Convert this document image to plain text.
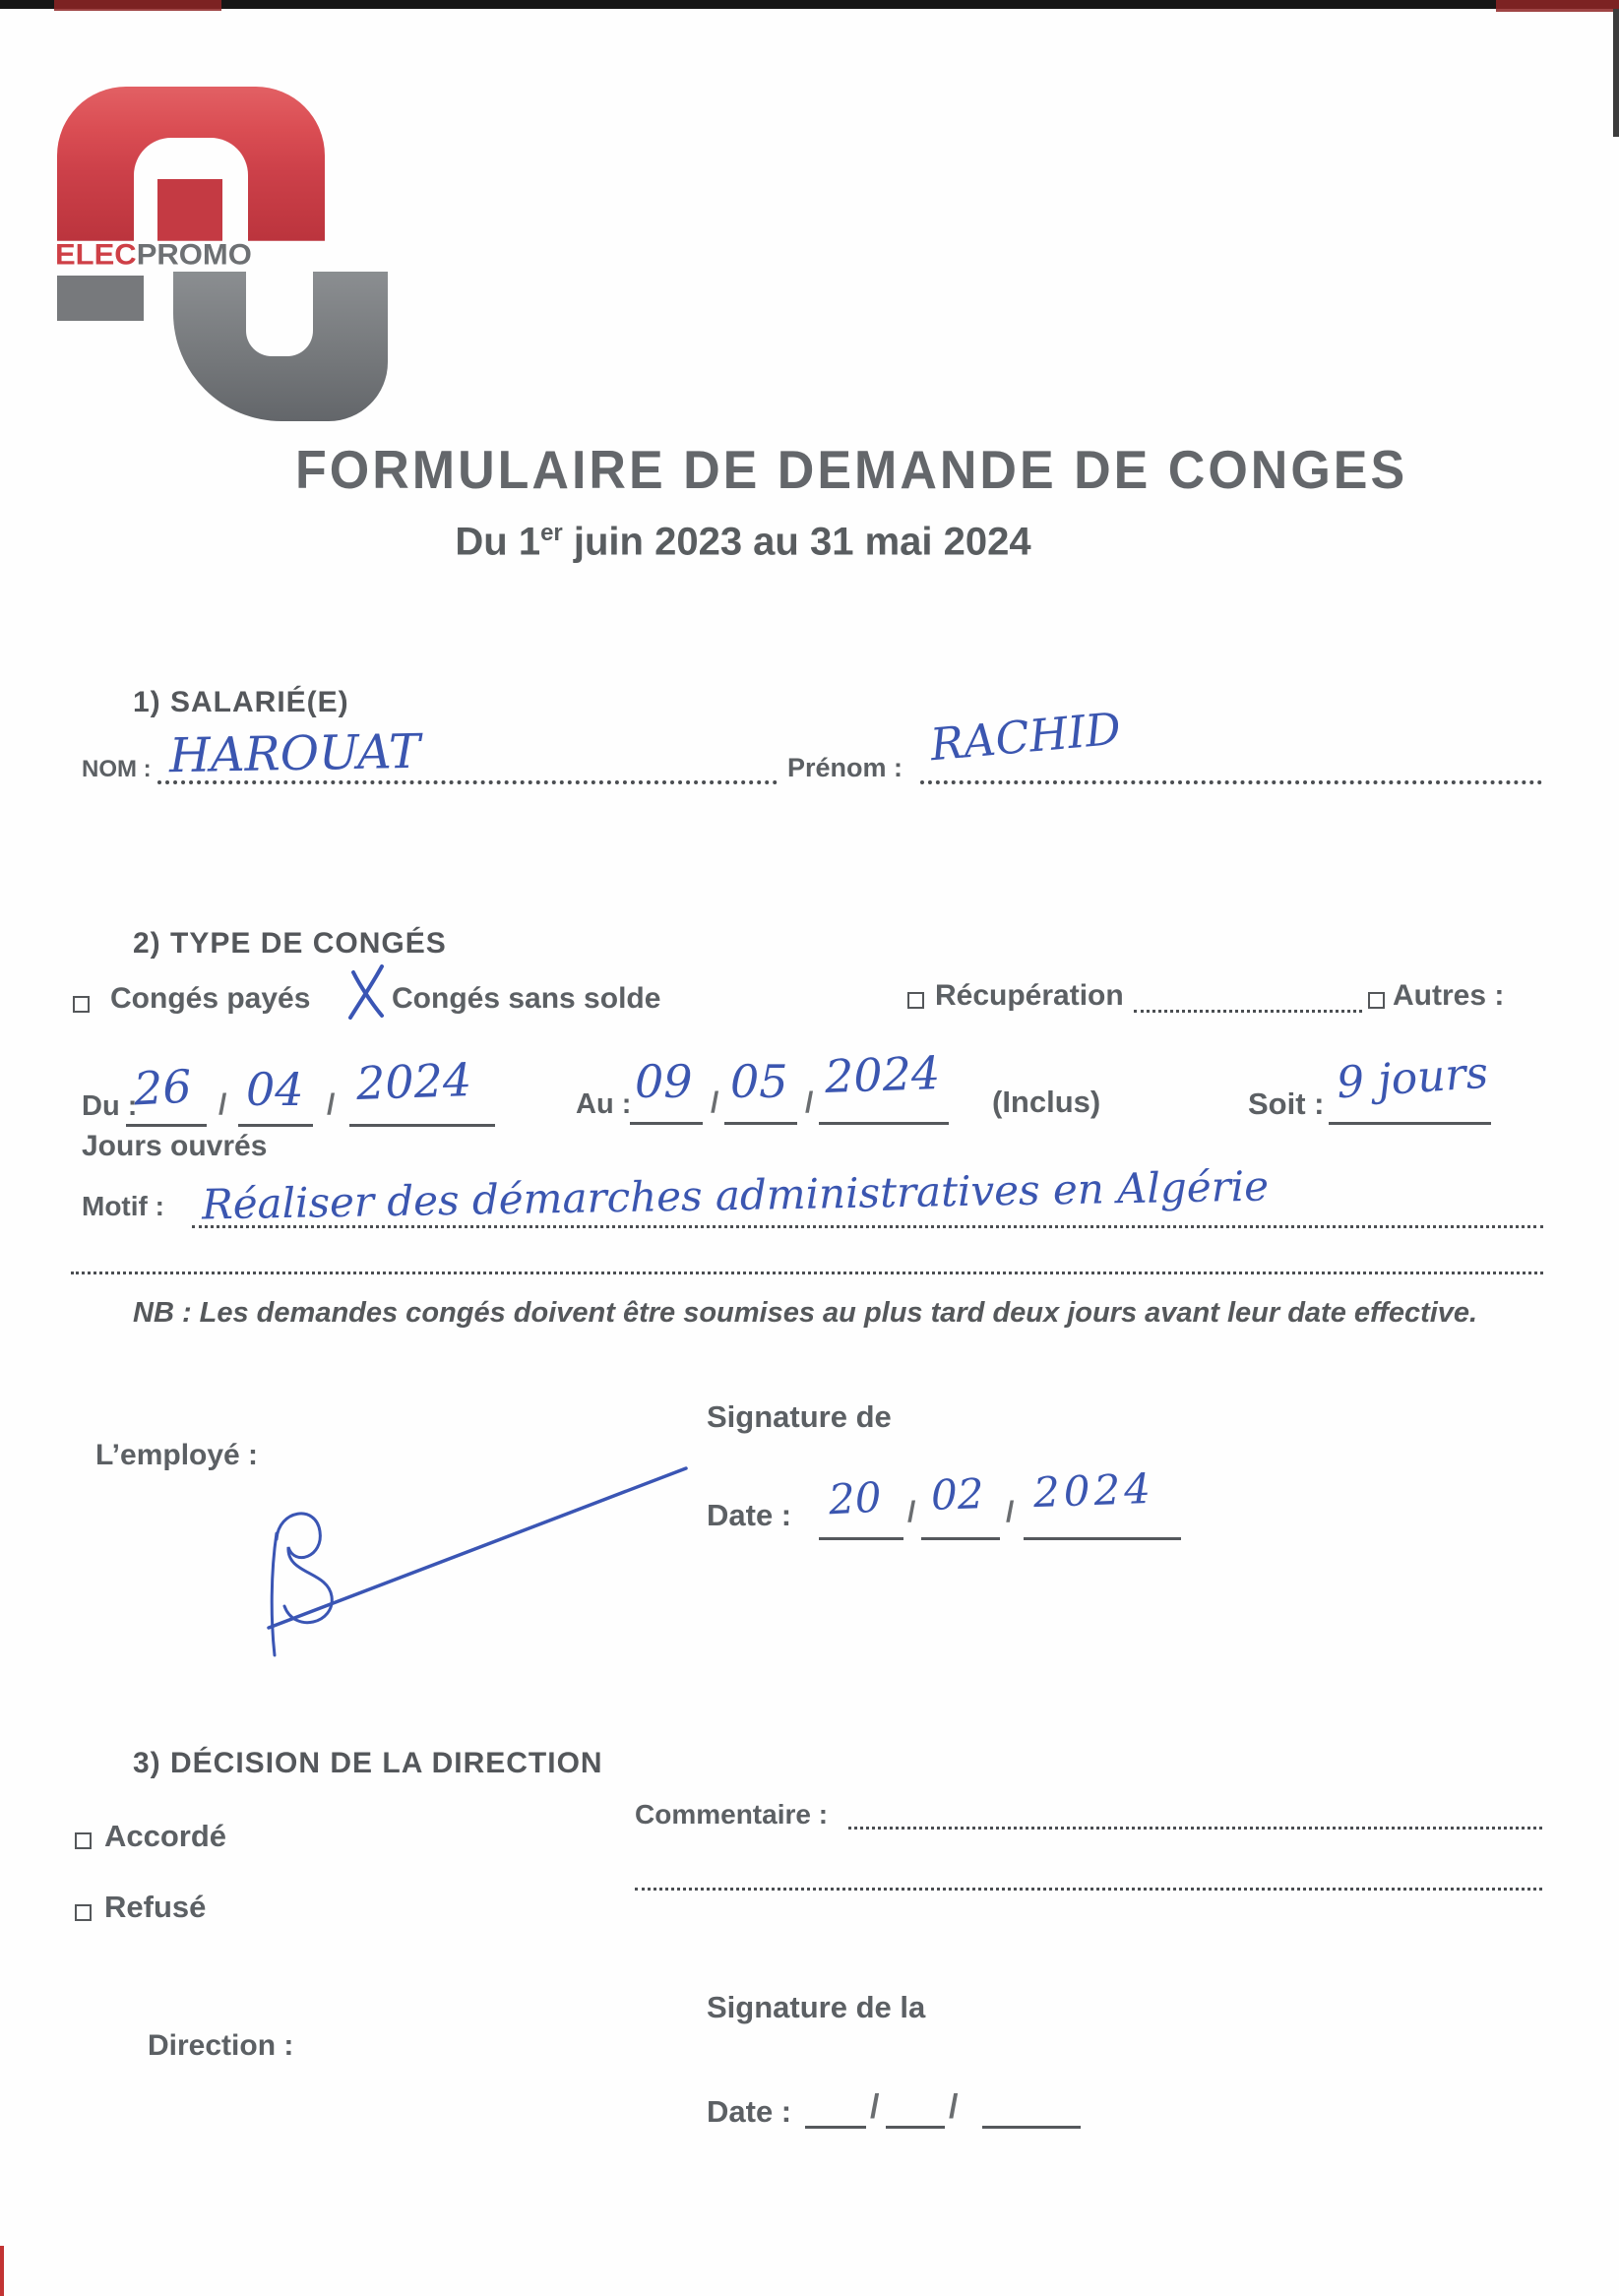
ELECPROMO
FORMULAIRE DE DEMANDE DE CONGES
Du 1er juin 2023 au 31 mai 2024
1) SALARIÉ(E)
NOM : HAROUAT	Prénom : RACHID
2) TYPE DE CONGÉS
Congés payés	Congés sans solde	Récupération	Autres :
Du :
26 / 04 / 2024	Au : 09 / 05 / 2024 (Inclus)	Soit : 9 jours
Jours ouvrés
Motif : Réaliser des démarches administratives en Algérie
NB : Les demandes congés doivent être soumises au plus tard deux jours avant leur date effective.
Signature de
L’employé :
Date : 20 / 02 / 2024
3) DÉCISION DE LA DIRECTION
Commentaire :
Accordé
Refusé
Signature de la
Direction :
Date : / /
